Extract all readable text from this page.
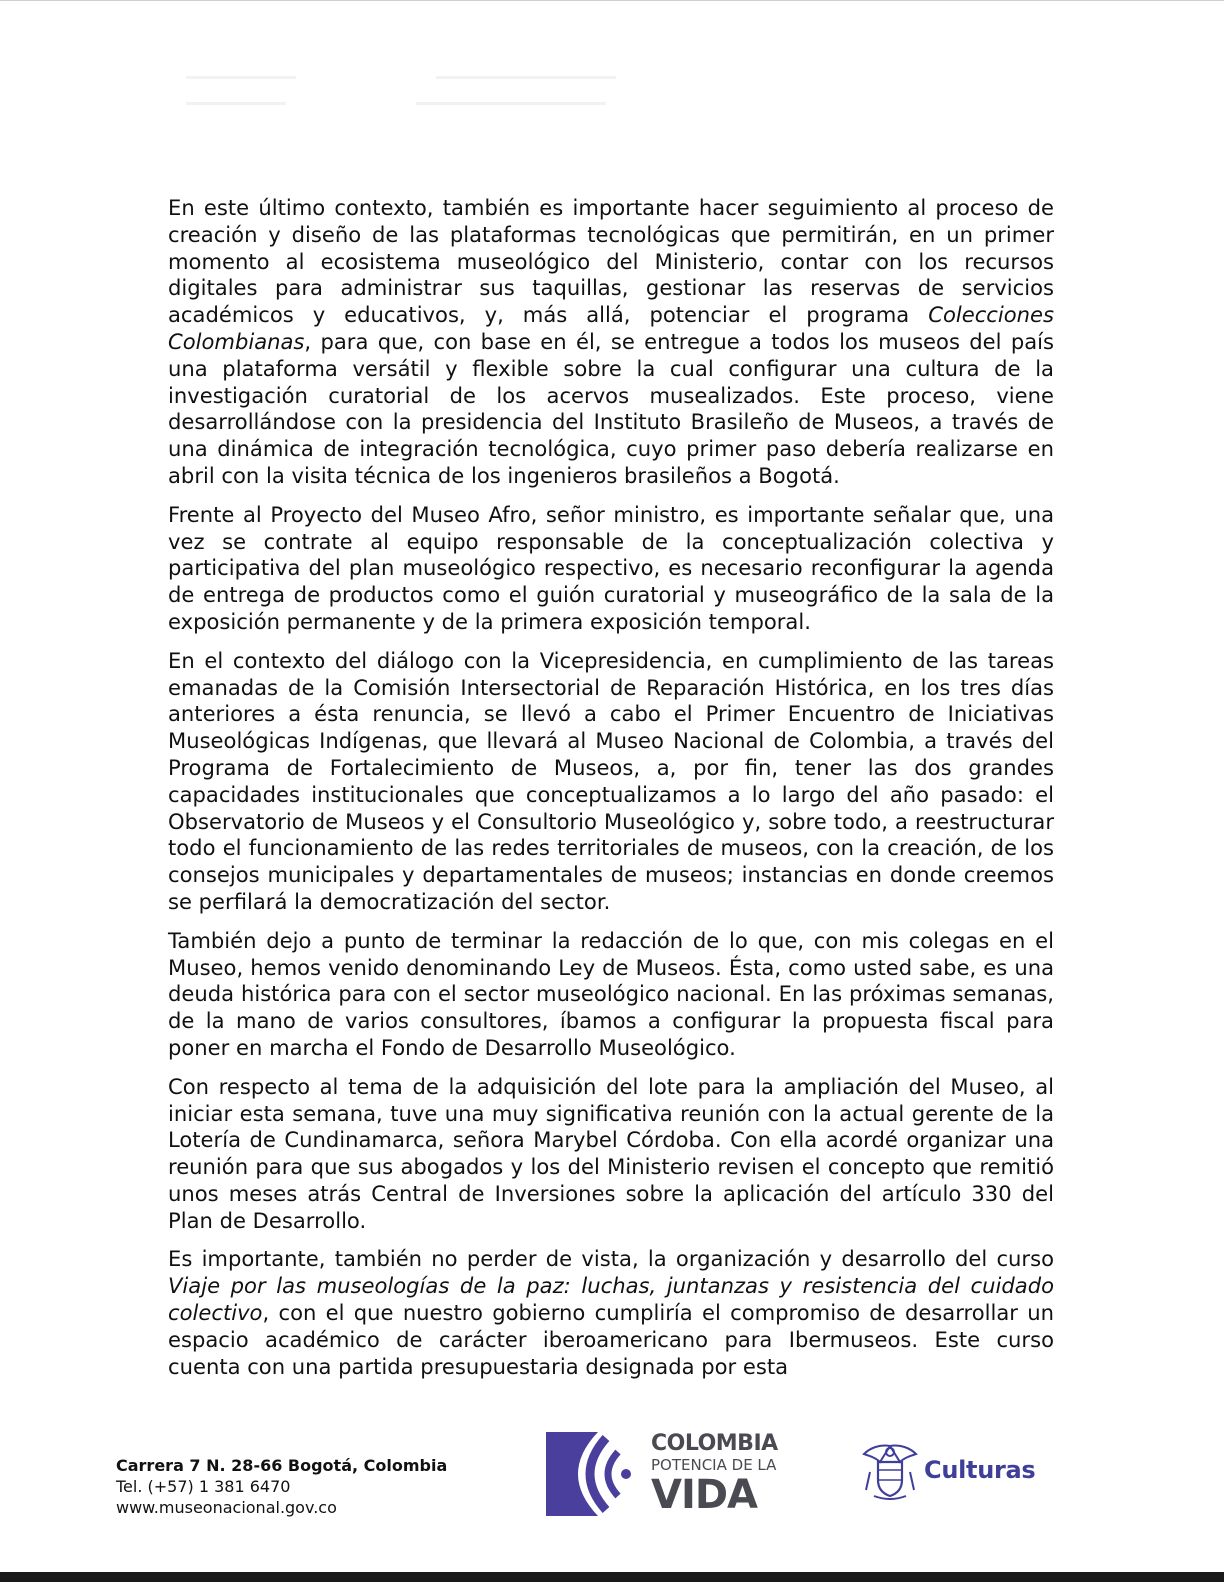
En este último contexto, también es importante hacer seguimiento al proceso de creación y diseño de las plataformas tecnológicas que permitirán, en un primer momento al ecosistema museológico del Ministerio, contar con los recursos digitales para administrar sus taquillas, gestionar las reservas de servicios académicos y educativos, y, más allá, potenciar el programa Colecciones Colombianas, para que, con base en él, se entregue a todos los museos del país una plataforma versátil y flexible sobre la cual configurar una cultura de la investigación curatorial de los acervos musealizados. Este proceso, viene desarrollándose con la presidencia del Instituto Brasileño de Museos, a través de una dinámica de integración tecnológica, cuyo primer paso debería realizarse en abril con la visita técnica de los ingenieros brasileños a Bogotá.

Frente al Proyecto del Museo Afro, señor ministro, es importante señalar que, una vez se contrate al equipo responsable de la conceptualización colectiva y participativa del plan museológico respectivo, es necesario reconfigurar la agenda de entrega de productos como el guión curatorial y museográfico de la sala de la exposición permanente y de la primera exposición temporal.

En el contexto del diálogo con la Vicepresidencia, en cumplimiento de las tareas emanadas de la Comisión Intersectorial de Reparación Histórica, en los tres días anteriores a ésta renuncia, se llevó a cabo el Primer Encuentro de Iniciativas Museológicas Indígenas, que llevará al Museo Nacional de Colombia, a través del Programa de Fortalecimiento de Museos, a, por fin, tener las dos grandes capacidades institucionales que conceptualizamos a lo largo del año pasado: el Observatorio de Museos y el Consultorio Museológico y, sobre todo, a reestructurar todo el funcionamiento de las redes territoriales de museos, con la creación, de los consejos municipales y departamentales de museos; instancias en donde creemos se perfilará la democratización del sector.

También dejo a punto de terminar la redacción de lo que, con mis colegas en el Museo, hemos venido denominando Ley de Museos. Ésta, como usted sabe, es una deuda histórica para con el sector museológico nacional. En las próximas semanas, de la mano de varios consultores, íbamos a configurar la propuesta fiscal para poner en marcha el Fondo de Desarrollo Museológico.

Con respecto al tema de la adquisición del lote para la ampliación del Museo, al iniciar esta semana, tuve una muy significativa reunión con la actual gerente de la Lotería de Cundinamarca, señora Marybel Córdoba. Con ella acordé organizar una reunión para que sus abogados y los del Ministerio revisen el concepto que remitió unos meses atrás Central de Inversiones sobre la aplicación del artículo 330 del Plan de Desarrollo.

Es importante, también no perder de vista, la organización y desarrollo del curso Viaje por las museologías de la paz: luchas, juntanzas y resistencia del cuidado colectivo, con el que nuestro gobierno cumpliría el compromiso de desarrollar un espacio académico de carácter iberoamericano para Ibermuseos. Este curso cuenta con una partida presupuestaria designada por esta

Carrera 7 N. 28-66 Bogotá, Colombia
Tel. (+57) 1 381 6470
www.museonacional.gov.co
COLOMBIA
POTENCIA DE LA
VIDA
Culturas
